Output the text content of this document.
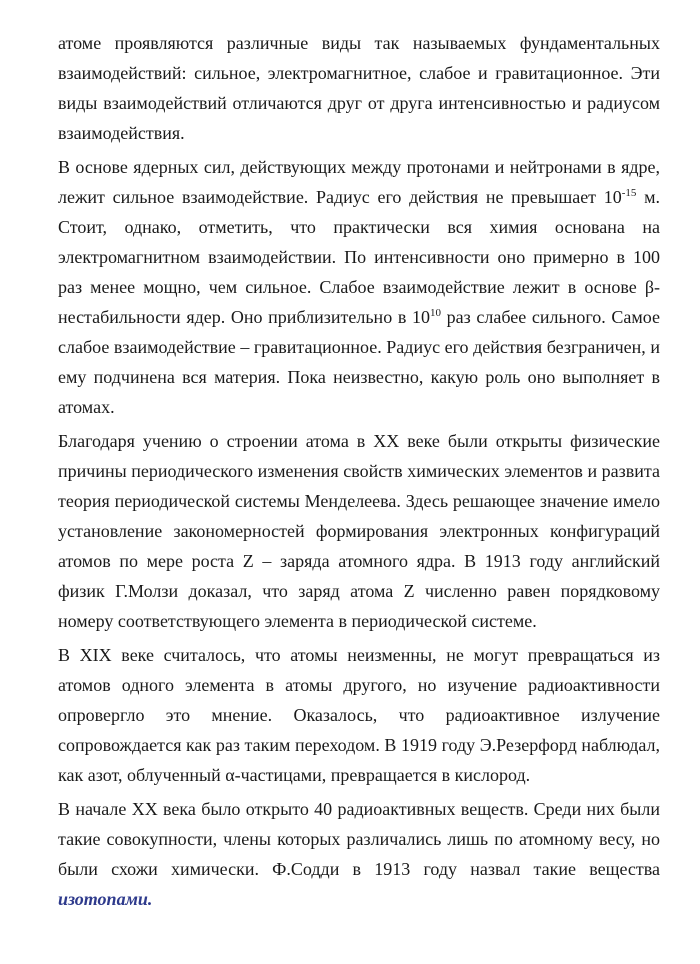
атоме проявляются различные виды так называемых фундаментальных взаимодействий: сильное, электромагнитное, слабое и гравитационное. Эти виды взаимодействий отличаются друг от друга интенсивностью и радиусом взаимодействия.

В основе ядерных сил, действующих между протонами и нейтронами в ядре, лежит сильное взаимодействие. Радиус его действия не превышает $10^{-15}$ м. Стоит, однако, отметить, что практически вся химия основана на электромагнитном взаимодействии. По интенсивности оно примерно в 100 раз менее мощно, чем сильное. Слабое взаимодействие лежит в основе β-нестабильности ядер. Оно приблизительно в $10^{10}$ раз слабее сильного. Самое слабое взаимодействие – гравитационное. Радиус его действия безграничен, и ему подчинена вся материя. Пока неизвестно, какую роль оно выполняет в атомах.

Благодаря учению о строении атома в XX веке были открыты физические причины периодического изменения свойств химических элементов и развита теория периодической системы Менделеева. Здесь решающее значение имело установление закономерностей формирования электронных конфигураций атомов по мере роста Z – заряда атомного ядра. В 1913 году английский физик Г.Молзи доказал, что заряд атома Z численно равен порядковому номеру соответствующего элемента в периодической системе.

В XIX веке считалось, что атомы неизменны, не могут превращаться из атомов одного элемента в атомы другого, но изучение радиоактивности опровергло это мнение. Оказалось, что радиоактивное излучение сопровождается как раз таким переходом. В 1919 году Э.Резерфорд наблюдал, как азот, облученный α-частицами, превращается в кислород.

В начале XX века было открыто 40 радиоактивных веществ. Среди них были такие совокупности, члены которых различались лишь по атомному весу, но были схожи химически. Ф.Содди в 1913 году назвал такие вещества изотопами.
